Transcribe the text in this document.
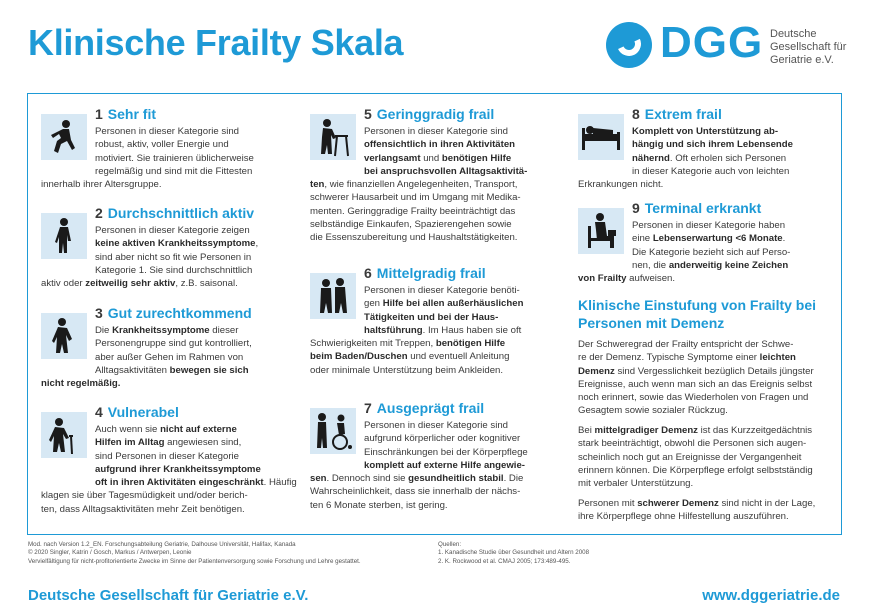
Klinische Frailty Skala	DGG Deutsche
Gesellschaft für
Geriatrie e.V.
1 Sehr fit
Personen in dieser Kategorie sind
robust, aktiv, voller Energie und
motiviert. Sie trainieren üblicherweise
regelmäßig und sind mit die Fittesten
innerhalb ihrer Altersgruppe.
2 Durchschnittlich aktiv
Personen in dieser Kategorie zeigen
keine aktiven Krankheitssymptome,
sind aber nicht so fit wie Personen in
Kategorie 1. Sie sind durchschnittlich
aktiv oder zeitweilig sehr aktiv, z.B. saisonal.
3 Gut zurechtkommend
Die Krankheitssymptome dieser
Personengruppe sind gut kontrolliert,
aber außer Gehen im Rahmen von
Alltagsaktivitäten bewegen sie sich
nicht regelmäßig.
4 Vulnerabel
Auch wenn sie nicht auf externe
Hilfen im Alltag angewiesen sind,
sind Personen in dieser Kategorie
aufgrund ihrer Krankheitssymptome
oft in ihren Aktivitäten eingeschränkt. Häufig
klagen sie über Tagesmüdigkeit und/oder berich-
ten, dass Alltagsaktivitäten mehr Zeit benötigen.
5 Geringgradig frail
Personen in dieser Kategorie sind
offensichtlich in ihren Aktivitäten
verlangsamt und benötigen Hilfe
bei anspruchsvollen Alltagsaktivitä-
ten, wie finanziellen Angelegenheiten, Transport,
schwerer Hausarbeit und im Umgang mit Medika-
menten. Geringgradige Frailty beeinträchtigt das
selbständige Einkaufen, Spazierengehen sowie
die Essenszubereitung und Haushaltstätigkeiten.
6 Mittelgradig frail
Personen in dieser Kategorie benöti-
gen Hilfe bei allen außerhäuslichen
Tätigkeiten und bei der Haus-
haltsführung. Im Haus haben sie oft
Schwierigkeiten mit Treppen, benötigen Hilfe
beim Baden/Duschen und eventuell Anleitung
oder minimale Unterstützung beim Ankleiden.
7 Ausgeprägt frail
Personen in dieser Kategorie sind
aufgrund körperlicher oder kognitiver
Einschränkungen bei der Körperpflege
komplett auf externe Hilfe angewie-
sen. Dennoch sind sie gesundheitlich stabil. Die
Wahrscheinlichkeit, dass sie innerhalb der nächs-
ten 6 Monate sterben, ist gering.
8 Extrem frail
Komplett von Unterstützung ab-
hängig und sich ihrem Lebensende
nähernd. Oft erholen sich Personen
in dieser Kategorie auch von leichten
Erkrankungen nicht.
9 Terminal erkrankt
Personen in dieser Kategorie haben
eine Lebenserwartung <6 Monate.
Die Kategorie bezieht sich auf Perso-
nen, die anderweitig keine Zeichen
von Frailty aufweisen.
Klinische Einstufung von Frailty bei Personen mit Demenz
Der Schweregrad der Frailty entspricht der Schwe-
re der Demenz. Typische Symptome einer leichten
Demenz sind Vergesslichkeit bezüglich Details jüngster
Ereignisse, auch wenn man sich an das Ereignis selbst
noch erinnert, sowie das Wiederholen von Fragen und
Gesagtem sowie sozialer Rückzug.
Bei mittelgradiger Demenz ist das Kurzzeitgedächtnis
stark beeinträchtigt, obwohl die Personen sich augen-
scheinlich noch gut an Ereignisse der Vergangenheit
erinnern können. Die Körperpflege erfolgt selbstständig
mit verbaler Unterstützung.
Personen mit schwerer Demenz sind nicht in der Lage,
ihre Körperpflege ohne Hilfestellung auszuführen.
Mod. nach Version 1.2_EN. Forschungsabteilung Geriatrie, Dalhouse Universität, Halifax, Kanada
© 2020 Singler, Katrin / Gosch, Markus / Antwerpen, Leonie
Vervielfältigung für nicht-profitorientierte Zwecke im Sinne der Patientenversorgung sowie Forschung und Lehre gestattet.
Quellen:
1. Kanadische Studie über Gesundheit und Altern 2008
2. K. Rockwood et al. CMAJ 2005; 173:489-495.
Deutsche Gesellschaft für Geriatrie e.V.	www.dggeriatrie.de
